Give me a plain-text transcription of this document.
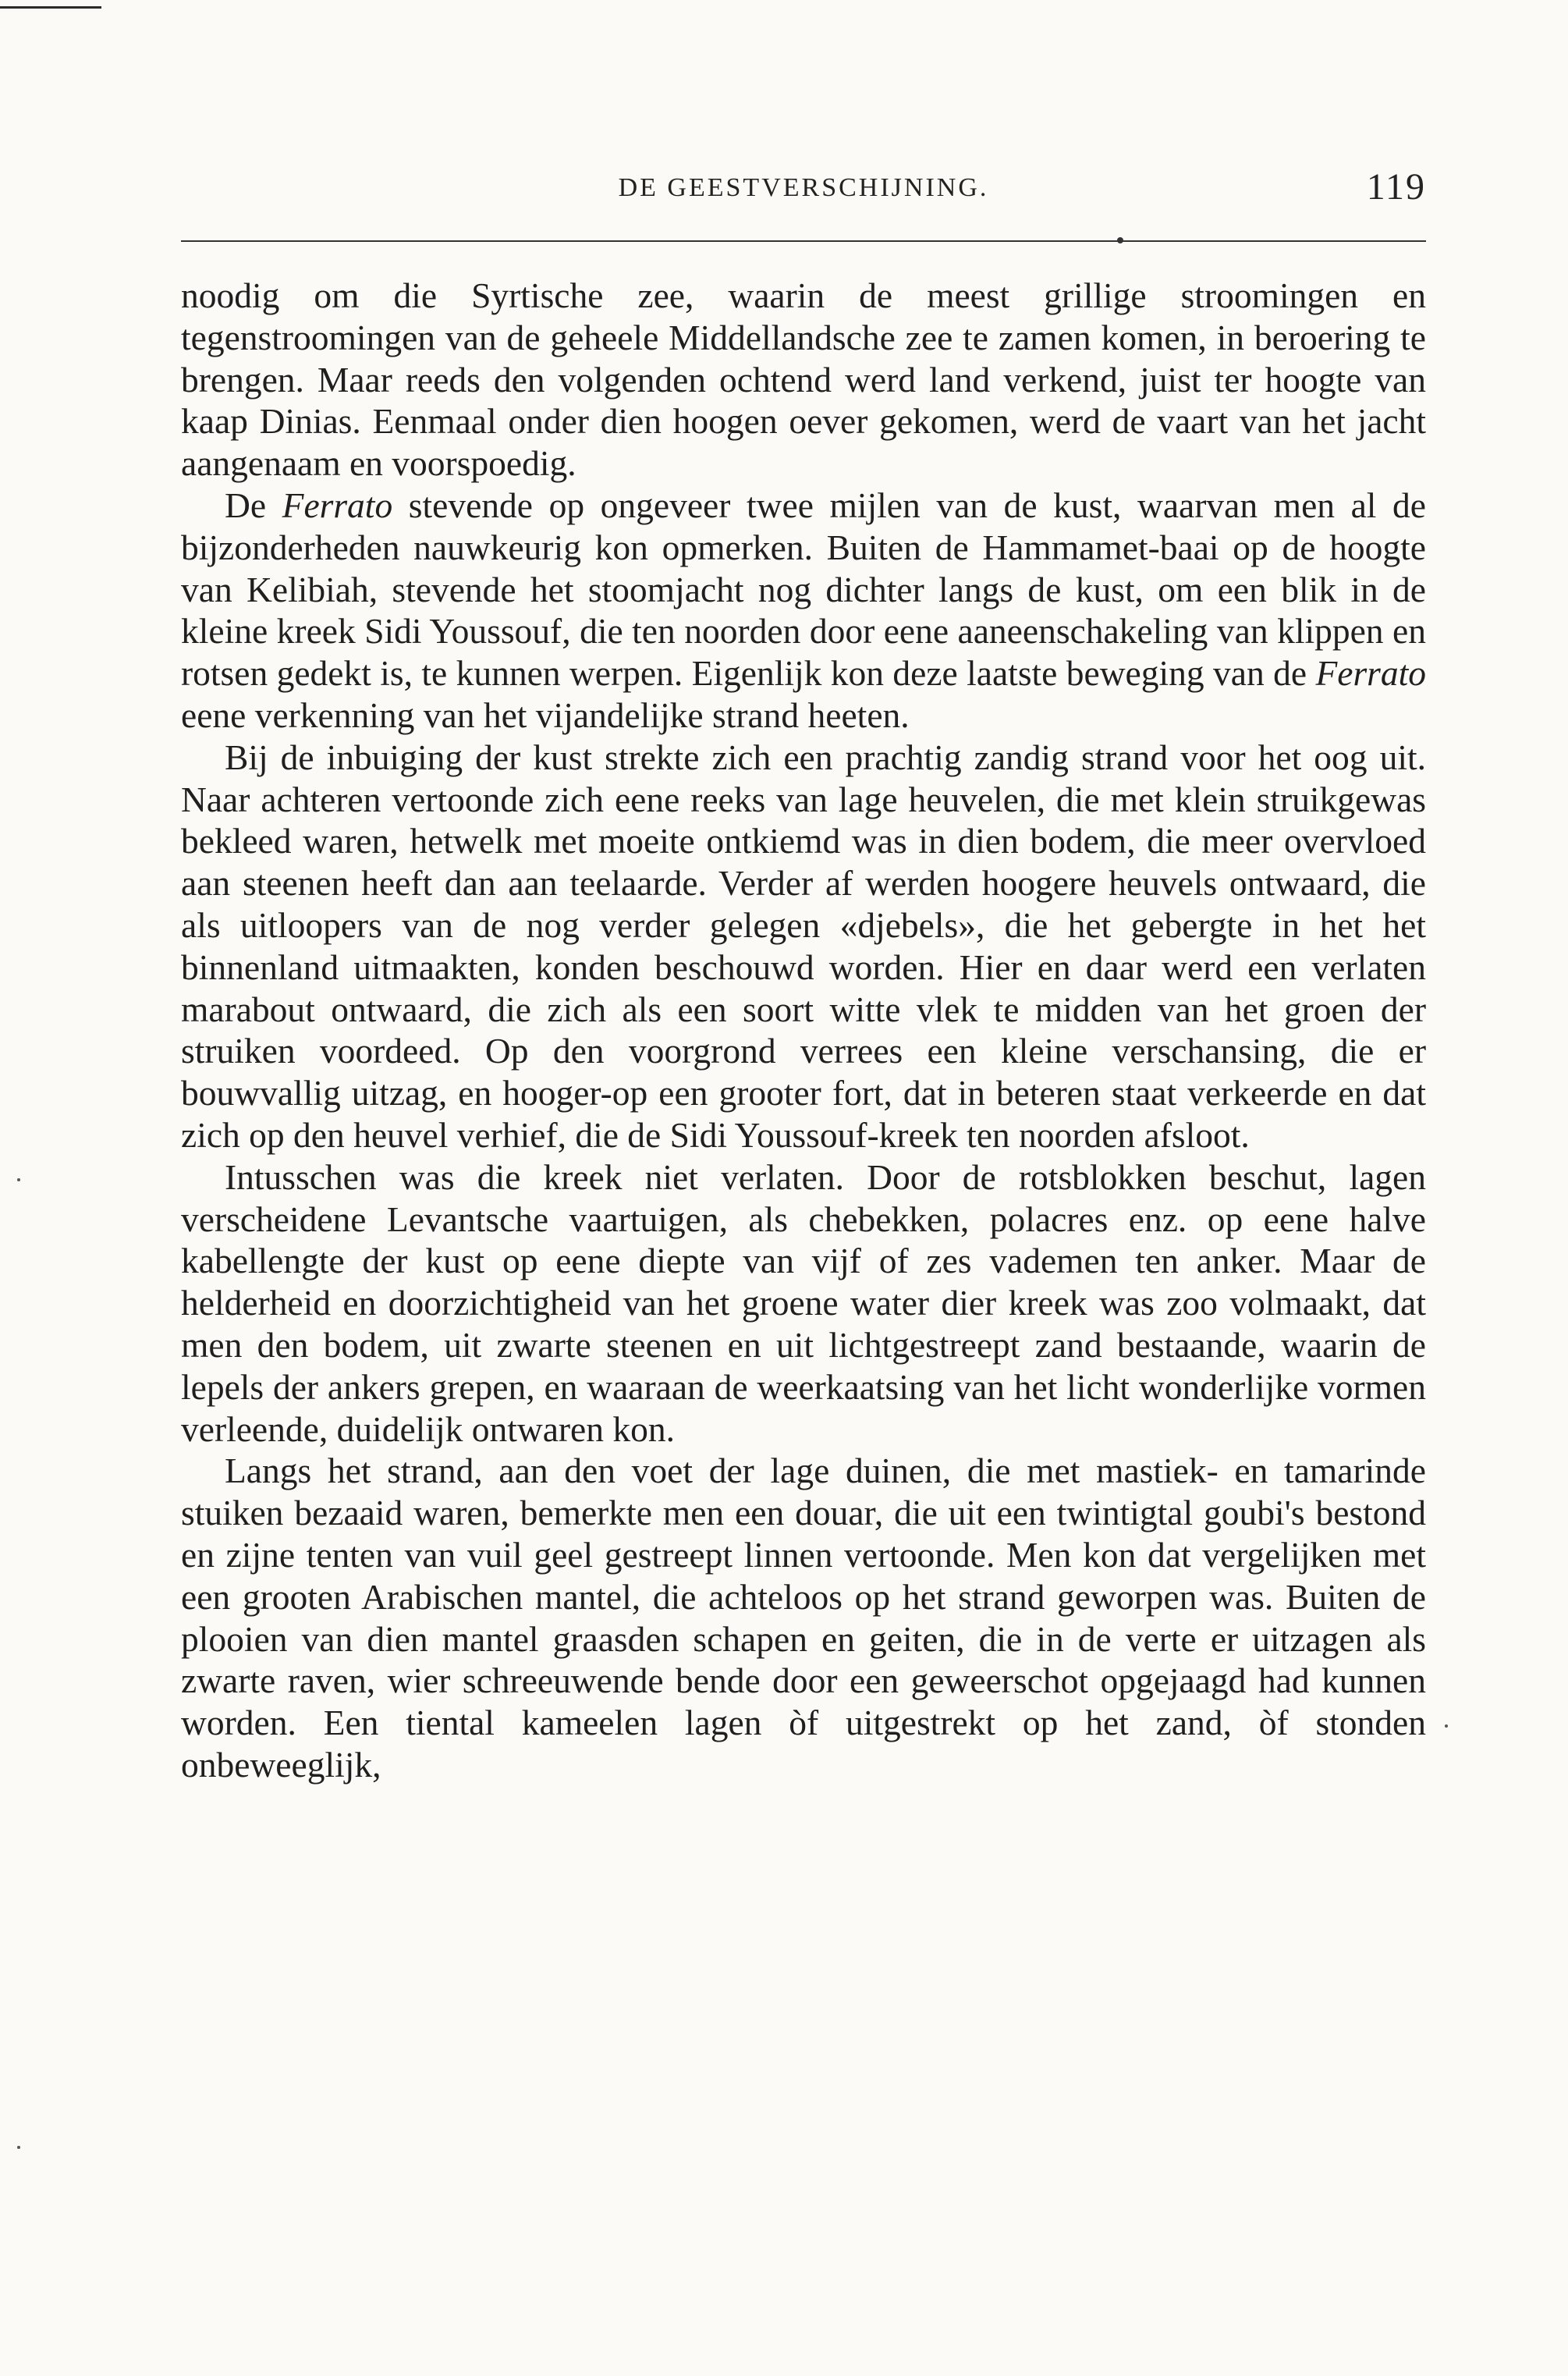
DE GEESTVERSCHIJNING.	119

noodig om die Syrtische zee, waarin de meest grillige stroomingen en tegenstroomingen van de geheele Middellandsche zee te zamen komen, in beroering te brengen. Maar reeds den volgenden ochtend werd land verkend, juist ter hoogte van kaap Dinias. Eenmaal onder dien hoogen oever gekomen, werd de vaart van het jacht aangenaam en voorspoedig.

De Ferrato stevende op ongeveer twee mijlen van de kust, waarvan men al de bijzonderheden nauwkeurig kon opmerken. Buiten de Hammamet-baai op de hoogte van Kelibiah, stevende het stoomjacht nog dichter langs de kust, om een blik in de kleine kreek Sidi Youssouf, die ten noorden door eene aaneenschakeling van klippen en rotsen gedekt is, te kunnen werpen. Eigenlijk kon deze laatste beweging van de Ferrato eene verkenning van het vijandelijke strand heeten.

Bij de inbuiging der kust strekte zich een prachtig zandig strand voor het oog uit. Naar achteren vertoonde zich eene reeks van lage heuvelen, die met klein struikgewas bekleed waren, hetwelk met moeite ontkiemd was in dien bodem, die meer overvloed aan steenen heeft dan aan teelaarde. Verder af werden hoogere heuvels ontwaard, die als uitloopers van de nog verder gelegen «djebels», die het gebergte in het het binnenland uitmaakten, konden beschouwd worden. Hier en daar werd een verlaten marabout ontwaard, die zich als een soort witte vlek te midden van het groen der struiken voordeed. Op den voorgrond verrees een kleine verschansing, die er bouwvallig uitzag, en hooger-op een grooter fort, dat in beteren staat verkeerde en dat zich op den heuvel verhief, die de Sidi Youssouf-kreek ten noorden afsloot.

Intusschen was die kreek niet verlaten. Door de rotsblokken beschut, lagen verscheidene Levantsche vaartuigen, als chebekken, polacres enz. op eene halve kabellengte der kust op eene diepte van vijf of zes vademen ten anker. Maar de helderheid en doorzichtigheid van het groene water dier kreek was zoo volmaakt, dat men den bodem, uit zwarte steenen en uit lichtgestreept zand bestaande, waarin de lepels der ankers grepen, en waaraan de weerkaatsing van het licht wonderlijke vormen verleende, duidelijk ontwaren kon.

Langs het strand, aan den voet der lage duinen, die met mastiek- en tamarinde stuiken bezaaid waren, bemerkte men een douar, die uit een twintigtal goubi's bestond en zijne tenten van vuil geel gestreept linnen vertoonde. Men kon dat vergelijken met een grooten Arabischen mantel, die achteloos op het strand geworpen was. Buiten de plooien van dien mantel graasden schapen en geiten, die in de verte er uitzagen als zwarte raven, wier schreeuwende bende door een geweerschot opgejaagd had kunnen worden. Een tiental kameelen lagen òf uitgestrekt op het zand, òf stonden onbeweeglijk,
